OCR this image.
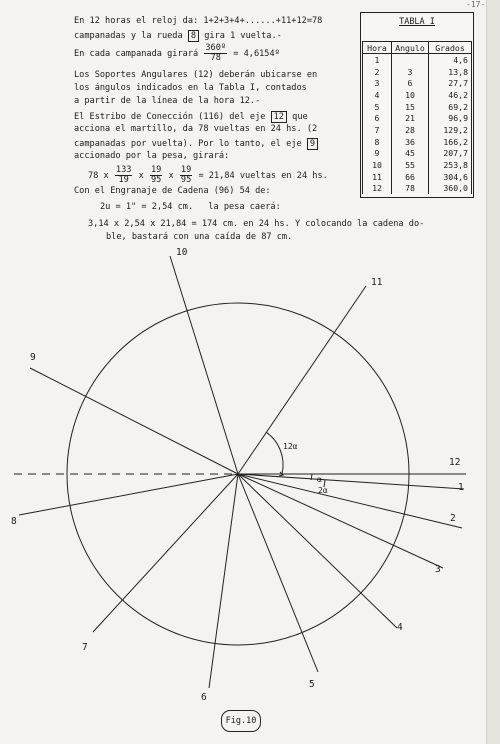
-17-
En 12 horas el reloj da: 1+2+3+4+......+11+12=78
campanadas y la rueda 8 gira 1 vuelta.-
En cada campanada girará $\frac{\text{360º}}{78}$ = 4,6154º
Los Soportes Angulares (12) deberán ubicarse en
los ángulos indicados en la Tabla I, contados
a partir de la línea de la hora 12.-
El Estribo de Conección (116) del eje 12 que
acciona el martillo, da 78 vueltas en 24 hs. (2
campanadas por vuelta). Por lo tanto, el eje 9
accionado por la pesa, girará:
78 x $\frac{133}{19}$ x $\frac{19}{95}$ x $\frac{19}{95} = 21,84$ vueltas en 24 hs.
Con el Engranaje de Cadena (96) 54 de:
2u = 1" = 2,54 cm. la pesa caerá:
3,14 x 2,54 x 21,84 = 174 cm. en 24 hs. Y colocando la cadena do-
ble, bastará con una caída de 87 cm.
TABLA I
Hora	Angulo	Grados
1		4,6
2	3	13,8
3	6	27,7
4	10	46,2
5	15	69,2
6	21	96,9
7	28	129,2
8	36	166,2
9	45	207,7
10	55	253,8
11	66	304,6
12	78	360,0
1
2
3
4
5
6
7
8
9
10
11
12
12α
α
2α
Fig.10
